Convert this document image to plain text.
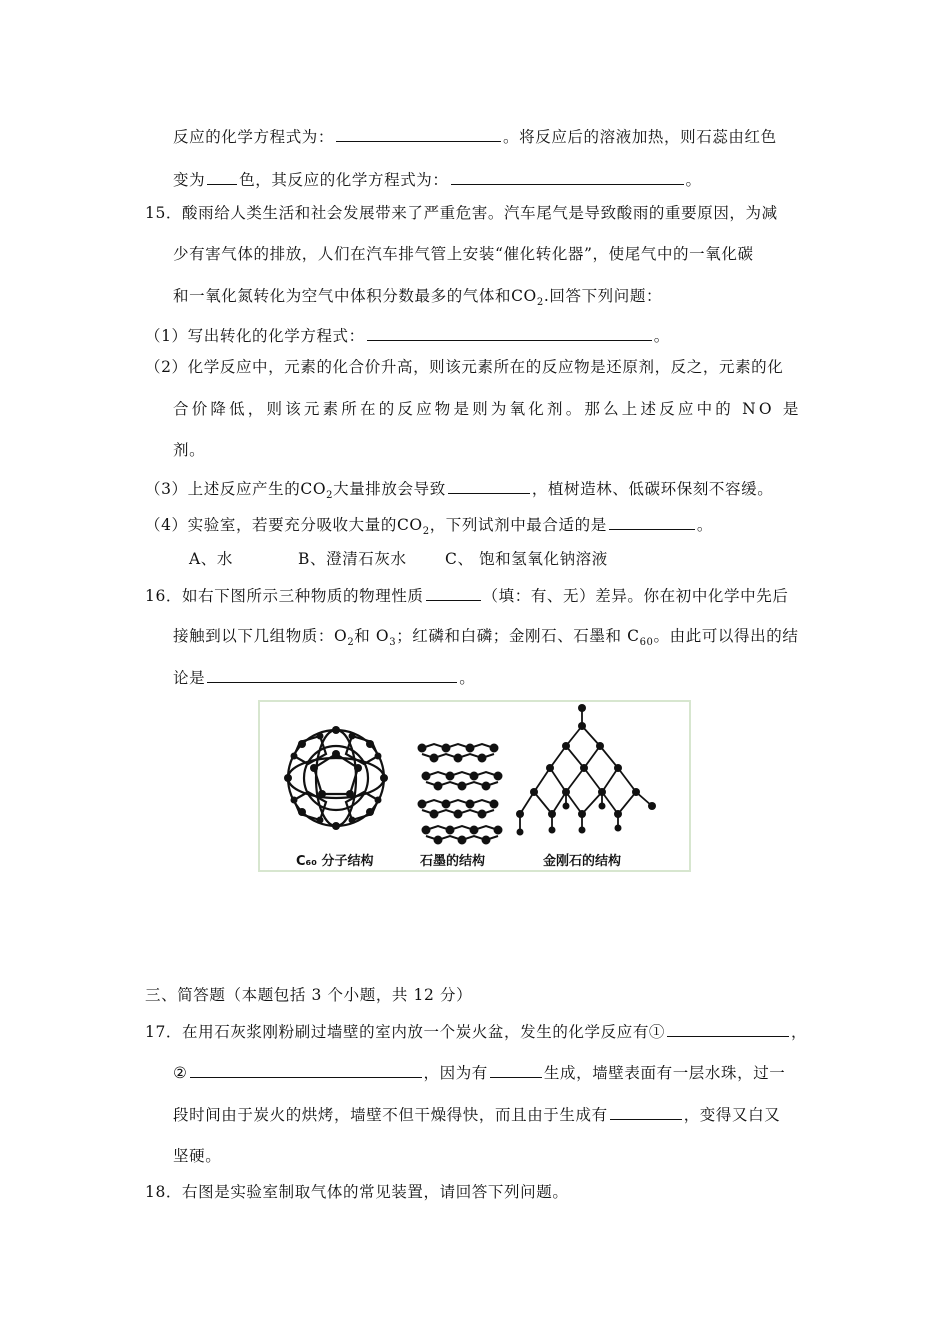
反应的化学方程式为：	。将反应后的溶液加热，则石蕊由红色
变为 色，其反应的化学方程式为：	。
15．酸雨给人类生活和社会发展带来了严重危害。汽车尾气是导致酸雨的重要原因，为减
少有害气体的排放，人们在汽车排气管上安装“催化转化器”，使尾气中的一氧化碳
和一氧化氮转化为空气中体积分数最多的气体和$CO_2$.回答下列问题：
（1）写出转化的化学方程式：	。
（2）化学反应中，元素的化合价升高，则该元素所在的反应物是还原剂，反之，元素的化
合价降低，则该元素所在的反应物是则为氧化剂。那么上述反应中的 NO 是
剂。
（3）上述反应产生的$CO_2$大量排放会导致	，植树造林、低碳环保刻不容缓。
（4）实验室，若要充分吸收大量的$CO_2$，下列试剂中最合适的是	。
A、水	B、澄清石灰水 C、 饱和氢氧化钠溶液
16．如右下图所示三种物质的物理性质	（填：有、无）差异。你在初中化学中先后
接触到以下几组物质：$O_2$和 $O_3$；红磷和白磷；金刚石、石墨和 $C_{60}$。由此可以得出的结
论是	。
C₆₀ 分子结构	石墨的结构	金刚石的结构
三、简答题（本题包括 3 个小题，共 12 分）
17．在用石灰浆刚粉刷过墙壁的室内放一个炭火盆，发生的化学反应有①	，
②	，因为有	生成，墙壁表面有一层水珠，过一
段时间由于炭火的烘烤，墙壁不但干燥得快，而且由于生成有	，变得又白又
坚硬。
18．右图是实验室制取气体的常见装置，请回答下列问题。
